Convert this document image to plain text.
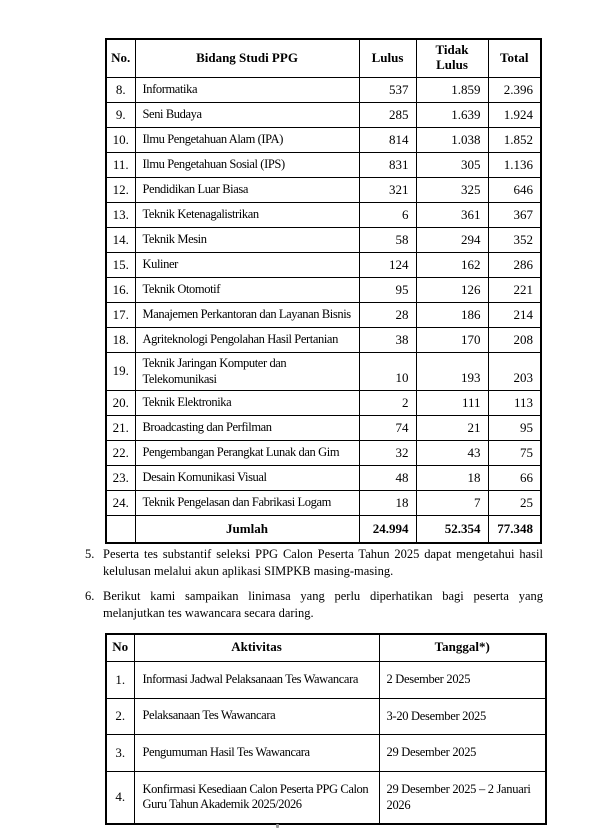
No.	Bidang Studi PPG	Lulus	Tidak Lulus	Total
8.	Informatika	537	1.859	2.396
9.	Seni Budaya	285	1.639	1.924
10.	Ilmu Pengetahuan Alam (IPA)	814	1.038	1.852
11.	Ilmu Pengetahuan Sosial (IPS)	831	305	1.136
12.	Pendidikan Luar Biasa	321	325	646
13.	Teknik Ketenagalistrikan	6	361	367
14.	Teknik Mesin	58	294	352
15.	Kuliner	124	162	286
16.	Teknik Otomotif	95	126	221
17.	Manajemen Perkantoran dan Layanan Bisnis	28	186	214
18.	Agriteknologi Pengolahan Hasil Pertanian	38	170	208
19.	Teknik Jaringan Komputer dan Telekomunikasi	10	193	203
20.	Teknik Elektronika	2	111	113
21.	Broadcasting dan Perfilman	74	21	95
22.	Pengembangan Perangkat Lunak dan Gim	32	43	75
23.	Desain Komunikasi Visual	48	18	66
24.	Teknik Pengelasan dan Fabrikasi Logam	18	7	25
	Jumlah	24.994	52.354	77.348
5. Peserta tes substantif seleksi PPG Calon Peserta Tahun 2025 dapat mengetahui hasil kelulusan melalui akun aplikasi SIMPKB masing-masing.
6. Berikut kami sampaikan linimasa yang perlu diperhatikan bagi peserta yang melanjutkan tes wawancara secara daring.
No	Aktivitas	Tanggal*)
1.	Informasi Jadwal Pelaksanaan Tes Wawancara	2 Desember 2025
2.	Pelaksanaan Tes Wawancara	3-20 Desember 2025
3.	Pengumuman Hasil Tes Wawancara	29 Desember 2025
4.	Konfirmasi Kesediaan Calon Peserta PPG Calon Guru Tahun Akademik 2025/2026	29 Desember 2025 – 2 Januari 2026
